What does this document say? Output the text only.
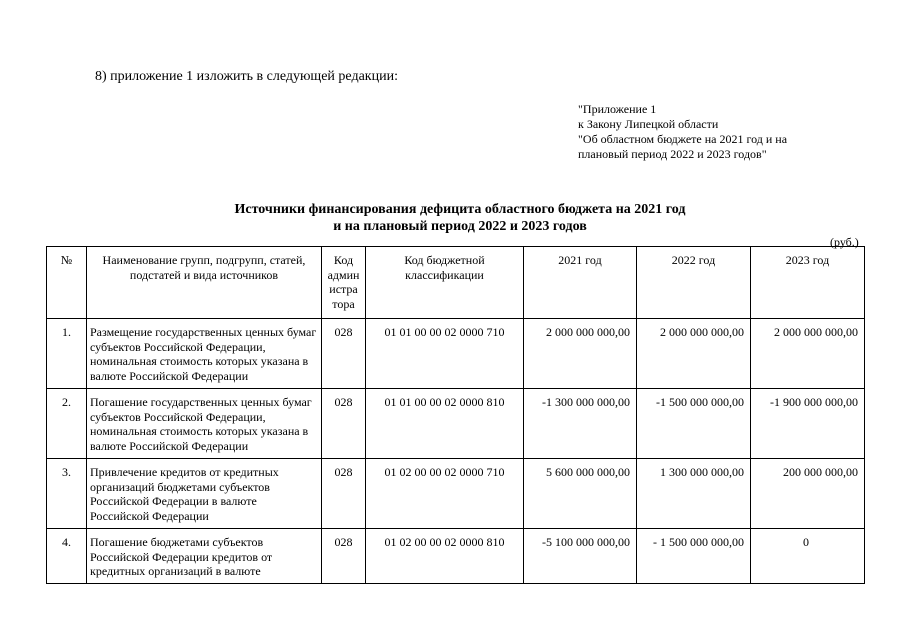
8) приложение 1 изложить в следующей редакции:
"Приложение 1
к Закону Липецкой области
"Об областном бюджете на 2021 год и на
плановый период 2022 и 2023 годов"
Источники финансирования дефицита областного бюджета на 2021 год
и на плановый период 2022 и 2023 годов
(руб.)
№	Наименование групп, подгрупп, статей, подстатей и вида источников	Код админ истра тора	Код бюджетной классификации	2021 год	2022 год	2023 год
1.	Размещение государственных ценных бумаг субъектов Российской Федерации, номинальная стоимость которых указана в валюте Российской Федерации	028	01 01 00 00 02 0000 710	2 000 000 000,00	2 000 000 000,00	2 000 000 000,00
2.	Погашение государственных ценных бумаг субъектов Российской Федерации, номинальная стоимость которых указана в валюте Российской Федерации	028	01 01 00 00 02 0000 810	-1 300 000 000,00	-1 500 000 000,00	-1 900 000 000,00
3.	Привлечение кредитов от кредитных организаций бюджетами субъектов Российской Федерации в валюте Российской Федерации	028	01 02 00 00 02 0000 710	5 600 000 000,00	1 300 000 000,00	200 000 000,00
4.	Погашение бюджетами субъектов Российской Федерации кредитов от кредитных организаций в валюте	028	01 02 00 00 02 0000 810	-5 100 000 000,00	- 1 500 000 000,00	0
